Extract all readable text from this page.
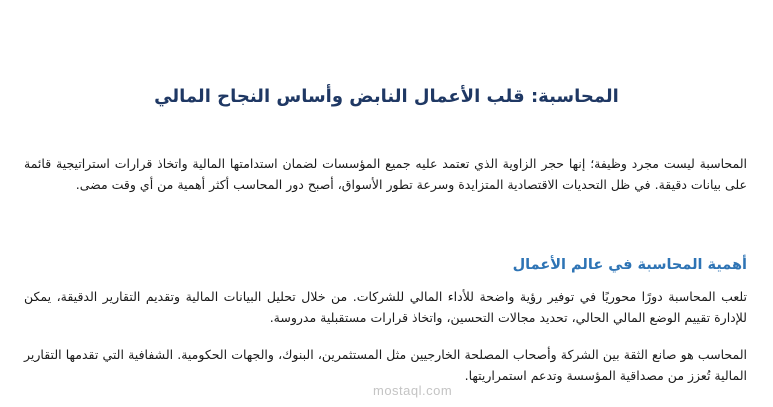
المحاسبة: قلب الأعمال النابض وأساس النجاح المالي

المحاسبة ليست مجرد وظيفة؛ إنها حجر الزاوية الذي تعتمد عليه جميع المؤسسات لضمان استدامتها المالية واتخاذ قرارات استراتيجية قائمة على بيانات دقيقة. في ظل التحديات الاقتصادية المتزايدة وسرعة تطور الأسواق، أصبح دور المحاسب أكثر أهمية من أي وقت مضى.

أهمية المحاسبة في عالم الأعمال

تلعب المحاسبة دورًا محوريًا في توفير رؤية واضحة للأداء المالي للشركات. من خلال تحليل البيانات المالية وتقديم التقارير الدقيقة، يمكن للإدارة تقييم الوضع المالي الحالي، تحديد مجالات التحسين، واتخاذ قرارات مستقبلية مدروسة.

المحاسب هو صانع الثقة بين الشركة وأصحاب المصلحة الخارجيين مثل المستثمرين، البنوك، والجهات الحكومية. الشفافية التي تقدمها التقارير المالية تُعزز من مصداقية المؤسسة وتدعم استمراريتها.

mostaql.com
